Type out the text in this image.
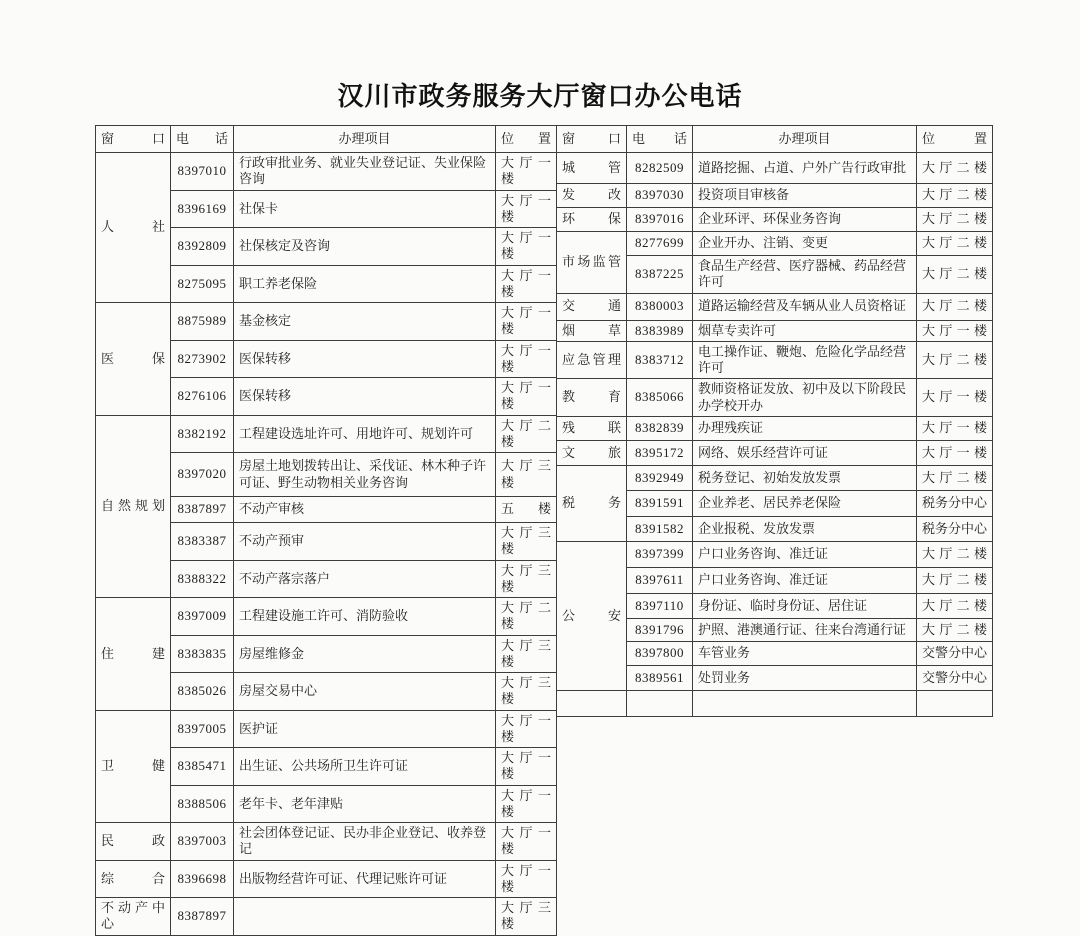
汉川市政务服务大厅窗口办公电话
窗口	电话	办理项目	位置
人社	8397010	行政审批业务、就业失业登记证、失业保险咨询	大厅一楼
	8396169	社保卡	大厅一楼
	8392809	社保核定及咨询	大厅一楼
	8275095	职工养老保险	大厅一楼
医保	8875989	基金核定	大厅一楼
	8273902	医保转移	大厅一楼
	8276106	医保转移	大厅一楼
自然规划	8382192	工程建设选址许可、用地许可、规划许可	大厅二楼
	8397020	房屋土地划拨转出让、采伐证、林木种子许可证、野生动物相关业务咨询	大厅三楼
	8387897	不动产审核	五楼
	8383387	不动产预审	大厅三楼
	8388322	不动产落宗落户	大厅三楼
住建	8397009	工程建设施工许可、消防验收	大厅二楼
	8383835	房屋维修金	大厅三楼
	8385026	房屋交易中心	大厅三楼
卫健	8397005	医护证	大厅一楼
	8385471	出生证、公共场所卫生许可证	大厅一楼
	8388506	老年卡、老年津贴	大厅一楼
民政	8397003	社会团体登记证、民办非企业登记、收养登记	大厅一楼
综合	8396698	出版物经营许可证、代理记账许可证	大厅一楼
不动产中心	8387897		大厅三楼
窗口	电话	办理项目	位置
城管	8282509	道路挖掘、占道、户外广告行政审批	大厅二楼
发改	8397030	投资项目审核备	大厅二楼
环保	8397016	企业环评、环保业务咨询	大厅二楼
市场监管	8277699	企业开办、注销、变更	大厅二楼
	8387225	食品生产经营、医疗器械、药品经营许可	大厅二楼
交通	8380003	道路运输经营及车辆从业人员资格证	大厅二楼
烟草	8383989	烟草专卖许可	大厅一楼
应急管理	8383712	电工操作证、鞭炮、危险化学品经营许可	大厅二楼
教育	8385066	教师资格证发放、初中及以下阶段民办学校开办	大厅一楼
残联	8382839	办理残疾证	大厅一楼
文旅	8395172	网络、娱乐经营许可证	大厅一楼
税务	8392949	税务登记、初始发放发票	大厅二楼
	8391591	企业养老、居民养老保险	税务分中心
	8391582	企业报税、发放发票	税务分中心
公安	8397399	户口业务咨询、准迁证	大厅二楼
	8397611	户口业务咨询、准迁证	大厅二楼
	8397110	身份证、临时身份证、居住证	大厅二楼
	8391796	护照、港澳通行证、往来台湾通行证	大厅二楼
	8397800	车管业务	交警分中心
	8389561	处罚业务	交警分中心
